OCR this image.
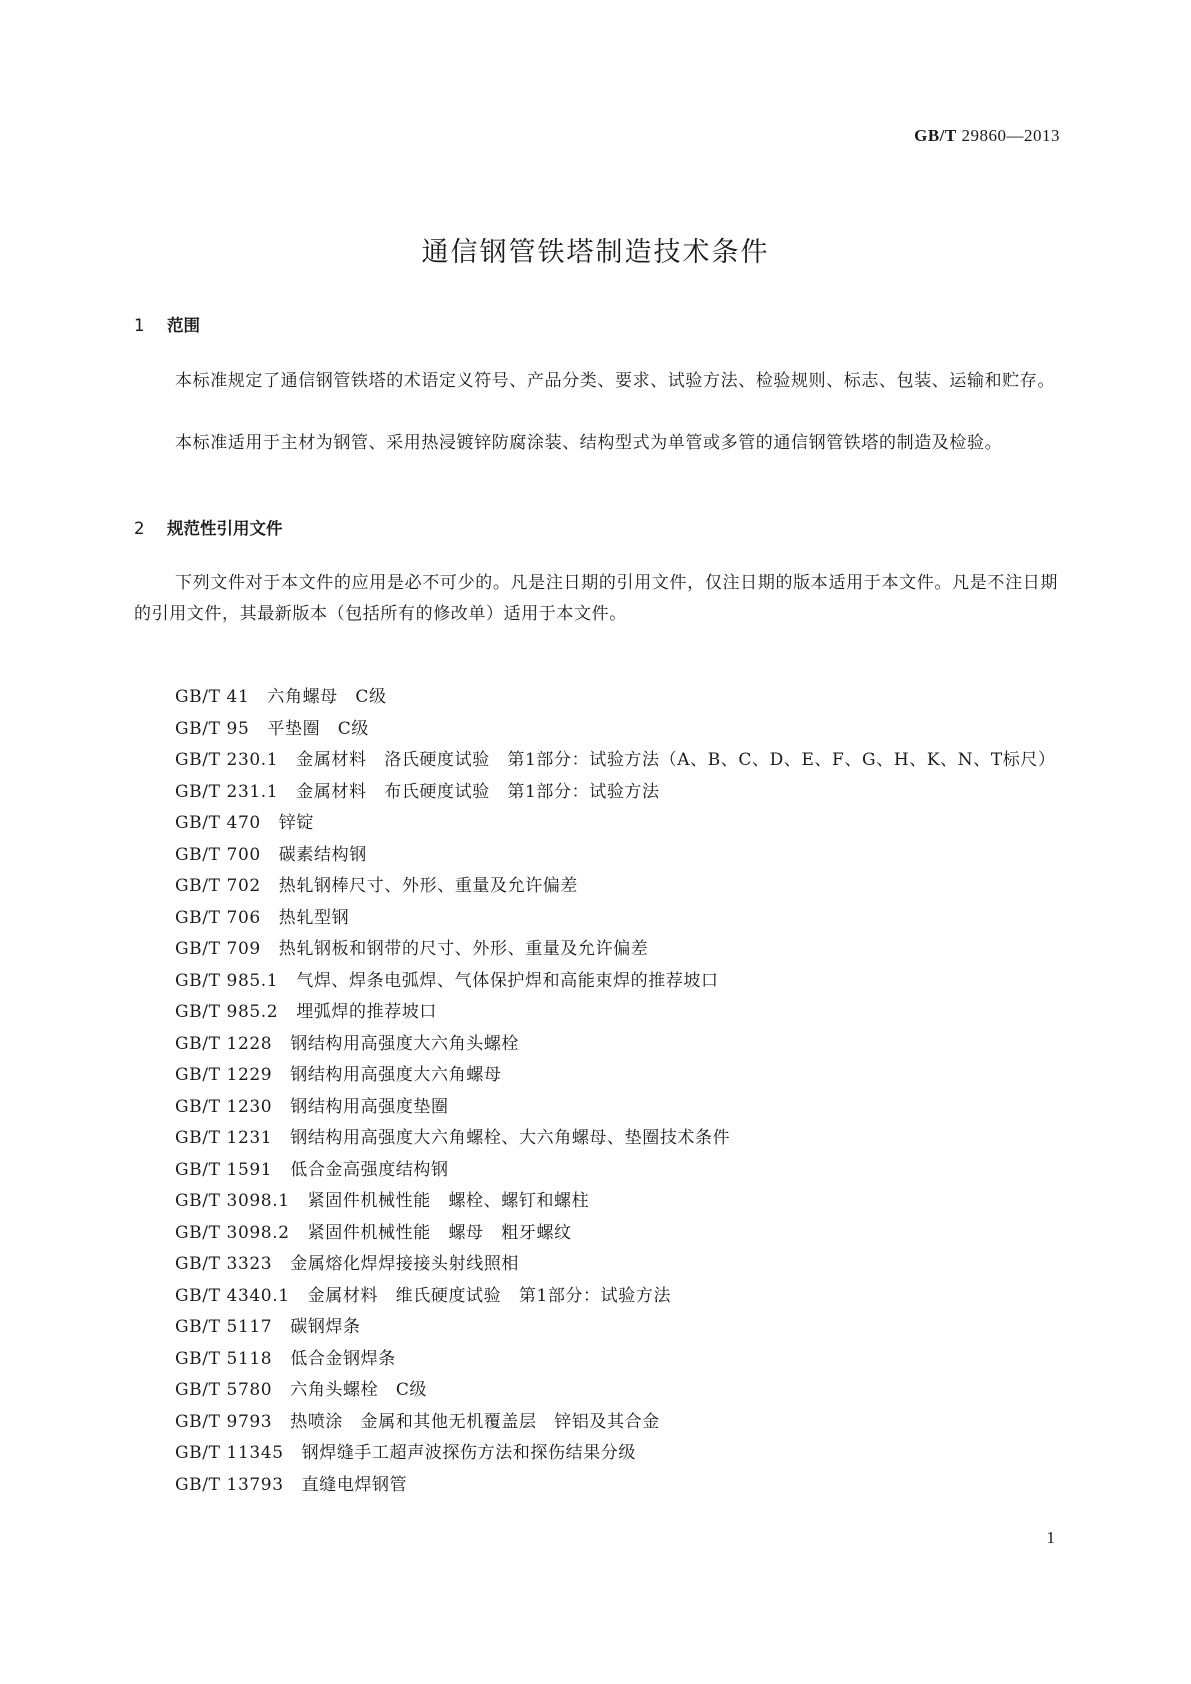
GB/T 29860—2013
通信钢管铁塔制造技术条件
1 范围
本标准规定了通信钢管铁塔的术语定义符号、产品分类、要求、试验方法、检验规则、标志、包装、运输和贮存。
本标准适用于主材为钢管、采用热浸镀锌防腐涂装、结构型式为单管或多管的通信钢管铁塔的制造及检验。
2 规范性引用文件
下列文件对于本文件的应用是必不可少的。凡是注日期的引用文件，仅注日期的版本适用于本文件。凡是不注日期的引用文件，其最新版本（包括所有的修改单）适用于本文件。
GB/T 41 六角螺母　C级
GB/T 95 平垫圈　C级
GB/T 230.1 金属材料　洛氏硬度试验　第1部分：试验方法（A、B、C、D、E、F、G、H、K、N、T标尺）
GB/T 231.1 金属材料　布氏硬度试验　第1部分：试验方法
GB/T 470 锌锭
GB/T 700 碳素结构钢
GB/T 702 热轧钢棒尺寸、外形、重量及允许偏差
GB/T 706 热轧型钢
GB/T 709 热轧钢板和钢带的尺寸、外形、重量及允许偏差
GB/T 985.1 气焊、焊条电弧焊、气体保护焊和高能束焊的推荐坡口
GB/T 985.2 埋弧焊的推荐坡口
GB/T 1228 钢结构用高强度大六角头螺栓
GB/T 1229 钢结构用高强度大六角螺母
GB/T 1230 钢结构用高强度垫圈
GB/T 1231 钢结构用高强度大六角螺栓、大六角螺母、垫圈技术条件
GB/T 1591 低合金高强度结构钢
GB/T 3098.1 紧固件机械性能　螺栓、螺钉和螺柱
GB/T 3098.2 紧固件机械性能　螺母　粗牙螺纹
GB/T 3323 金属熔化焊焊接接头射线照相
GB/T 4340.1 金属材料　维氏硬度试验　第1部分：试验方法
GB/T 5117 碳钢焊条
GB/T 5118 低合金钢焊条
GB/T 5780 六角头螺栓　C级
GB/T 9793 热喷涂　金属和其他无机覆盖层　锌铝及其合金
GB/T 11345 钢焊缝手工超声波探伤方法和探伤结果分级
GB/T 13793 直缝电焊钢管
1
